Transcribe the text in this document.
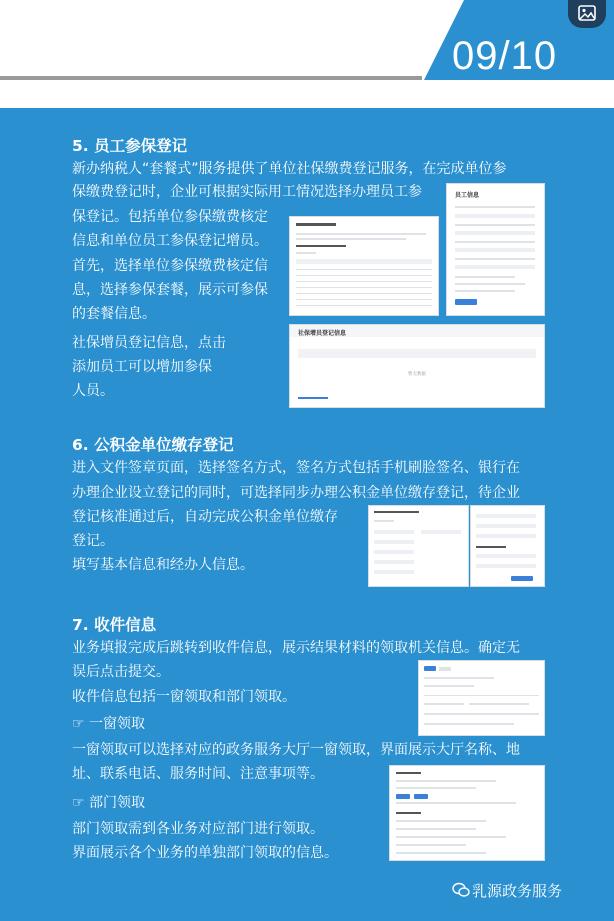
09/10
5. 员工参保登记
新办纳税人“套餐式”服务提供了单位社保缴费登记服务，在完成单位参
保缴费登记时，企业可根据实际用工情况选择办理员工参
保登记。包括单位参保缴费核定
信息和单位员工参保登记增员。
首先，选择单位参保缴费核定信
息，选择参保套餐，展示可参保
的套餐信息。
社保增员登记信息，点击
添加员工可以增加参保
人员。
员工信息
社保增员登记信息
暂无数据
6. 公积金单位缴存登记
进入文件签章页面，选择签名方式，签名方式包括手机刷脸签名、银行在
办理企业设立登记的同时，可选择同步办理公积金单位缴存登记，待企业
登记核准通过后，自动完成公积金单位缴存
登记。
填写基本信息和经办人信息。
7. 收件信息
业务填报完成后跳转到收件信息，展示结果材料的领取机关信息。确定无
误后点击提交。
收件信息包括一窗领取和部门领取。
☞ 一窗领取
一窗领取可以选择对应的政务服务大厅一窗领取，界面展示大厅名称、地
址、联系电话、服务时间、注意事项等。
☞ 部门领取
部门领取需到各业务对应部门进行领取。
界面展示各个业务的单独部门领取的信息。
乳源政务服务
